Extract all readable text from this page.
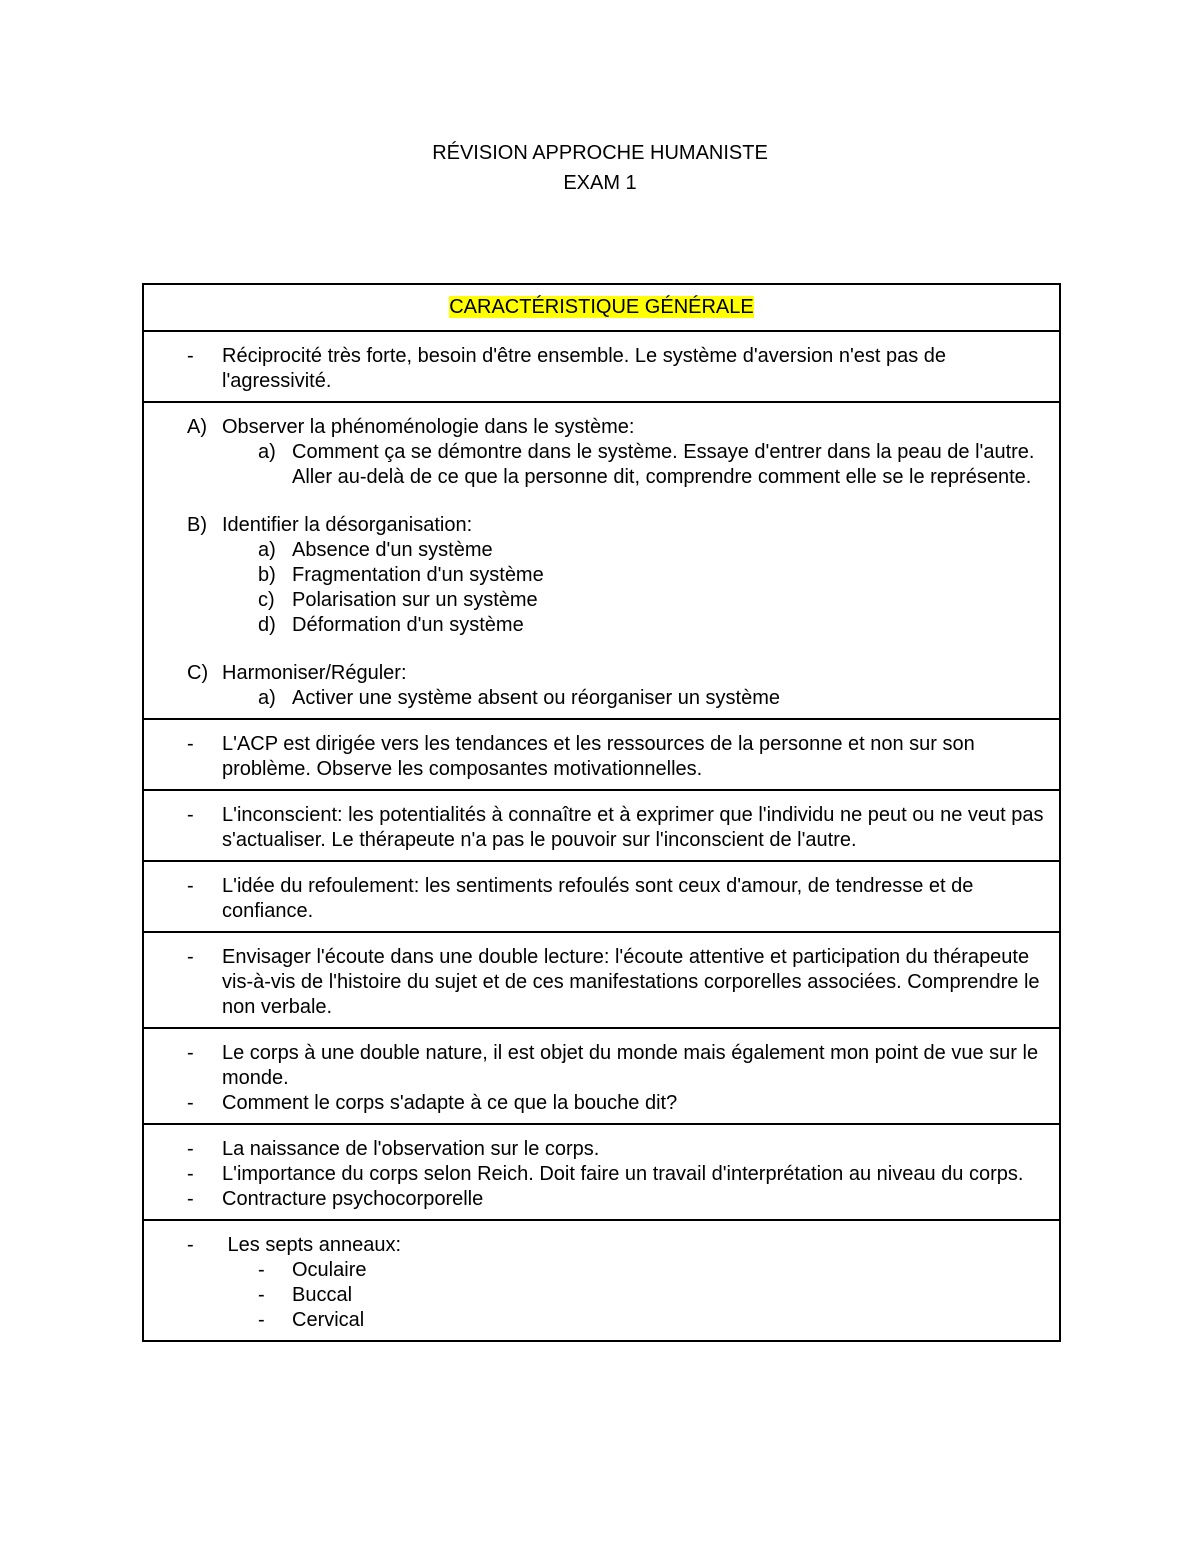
RÉVISION APPROCHE HUMANISTE
EXAM 1
CARACTÉRISTIQUE GÉNÉRALE

-	Réciprocité très forte, besoin d'être ensemble. Le système d'aversion n'est pas de l'agressivité.

A) Observer la phénoménologie dans le système:
a) Comment ça se démontre dans le système. Essaye d'entrer dans la peau de l'autre. Aller au-delà de ce que la personne dit, comprendre comment elle se le représente.
B) Identifier la désorganisation:
a) Absence d'un système
b) Fragmentation d'un système
c) Polarisation sur un système
d) Déformation d'un système
C) Harmoniser/Réguler:
a) Activer une système absent ou réorganiser un système

-	L'ACP est dirigée vers les tendances et les ressources de la personne et non sur son problème. Observe les composantes motivationnelles.

-	L'inconscient: les potentialités à connaître et à exprimer que l'individu ne peut ou ne veut pas s'actualiser. Le thérapeute n'a pas le pouvoir sur l'inconscient de l'autre.

-	L'idée du refoulement: les sentiments refoulés sont ceux d'amour, de tendresse et de confiance.

-	Envisager l'écoute dans une double lecture: l'écoute attentive et participation du thérapeute vis-à-vis de l'histoire du sujet et de ces manifestations corporelles associées. Comprendre le non verbale.

-	Le corps à une double nature, il est objet du monde mais également mon point de vue sur le monde.
-	Comment le corps s'adapte à ce que la bouche dit?

-	La naissance de l'observation sur le corps.
-	L'importance du corps selon Reich. Doit faire un travail d'interprétation au niveau du corps.
-	Contracture psychocorporelle

-	Les septs anneaux:
-	Oculaire
-	Buccal
-	Cervical
